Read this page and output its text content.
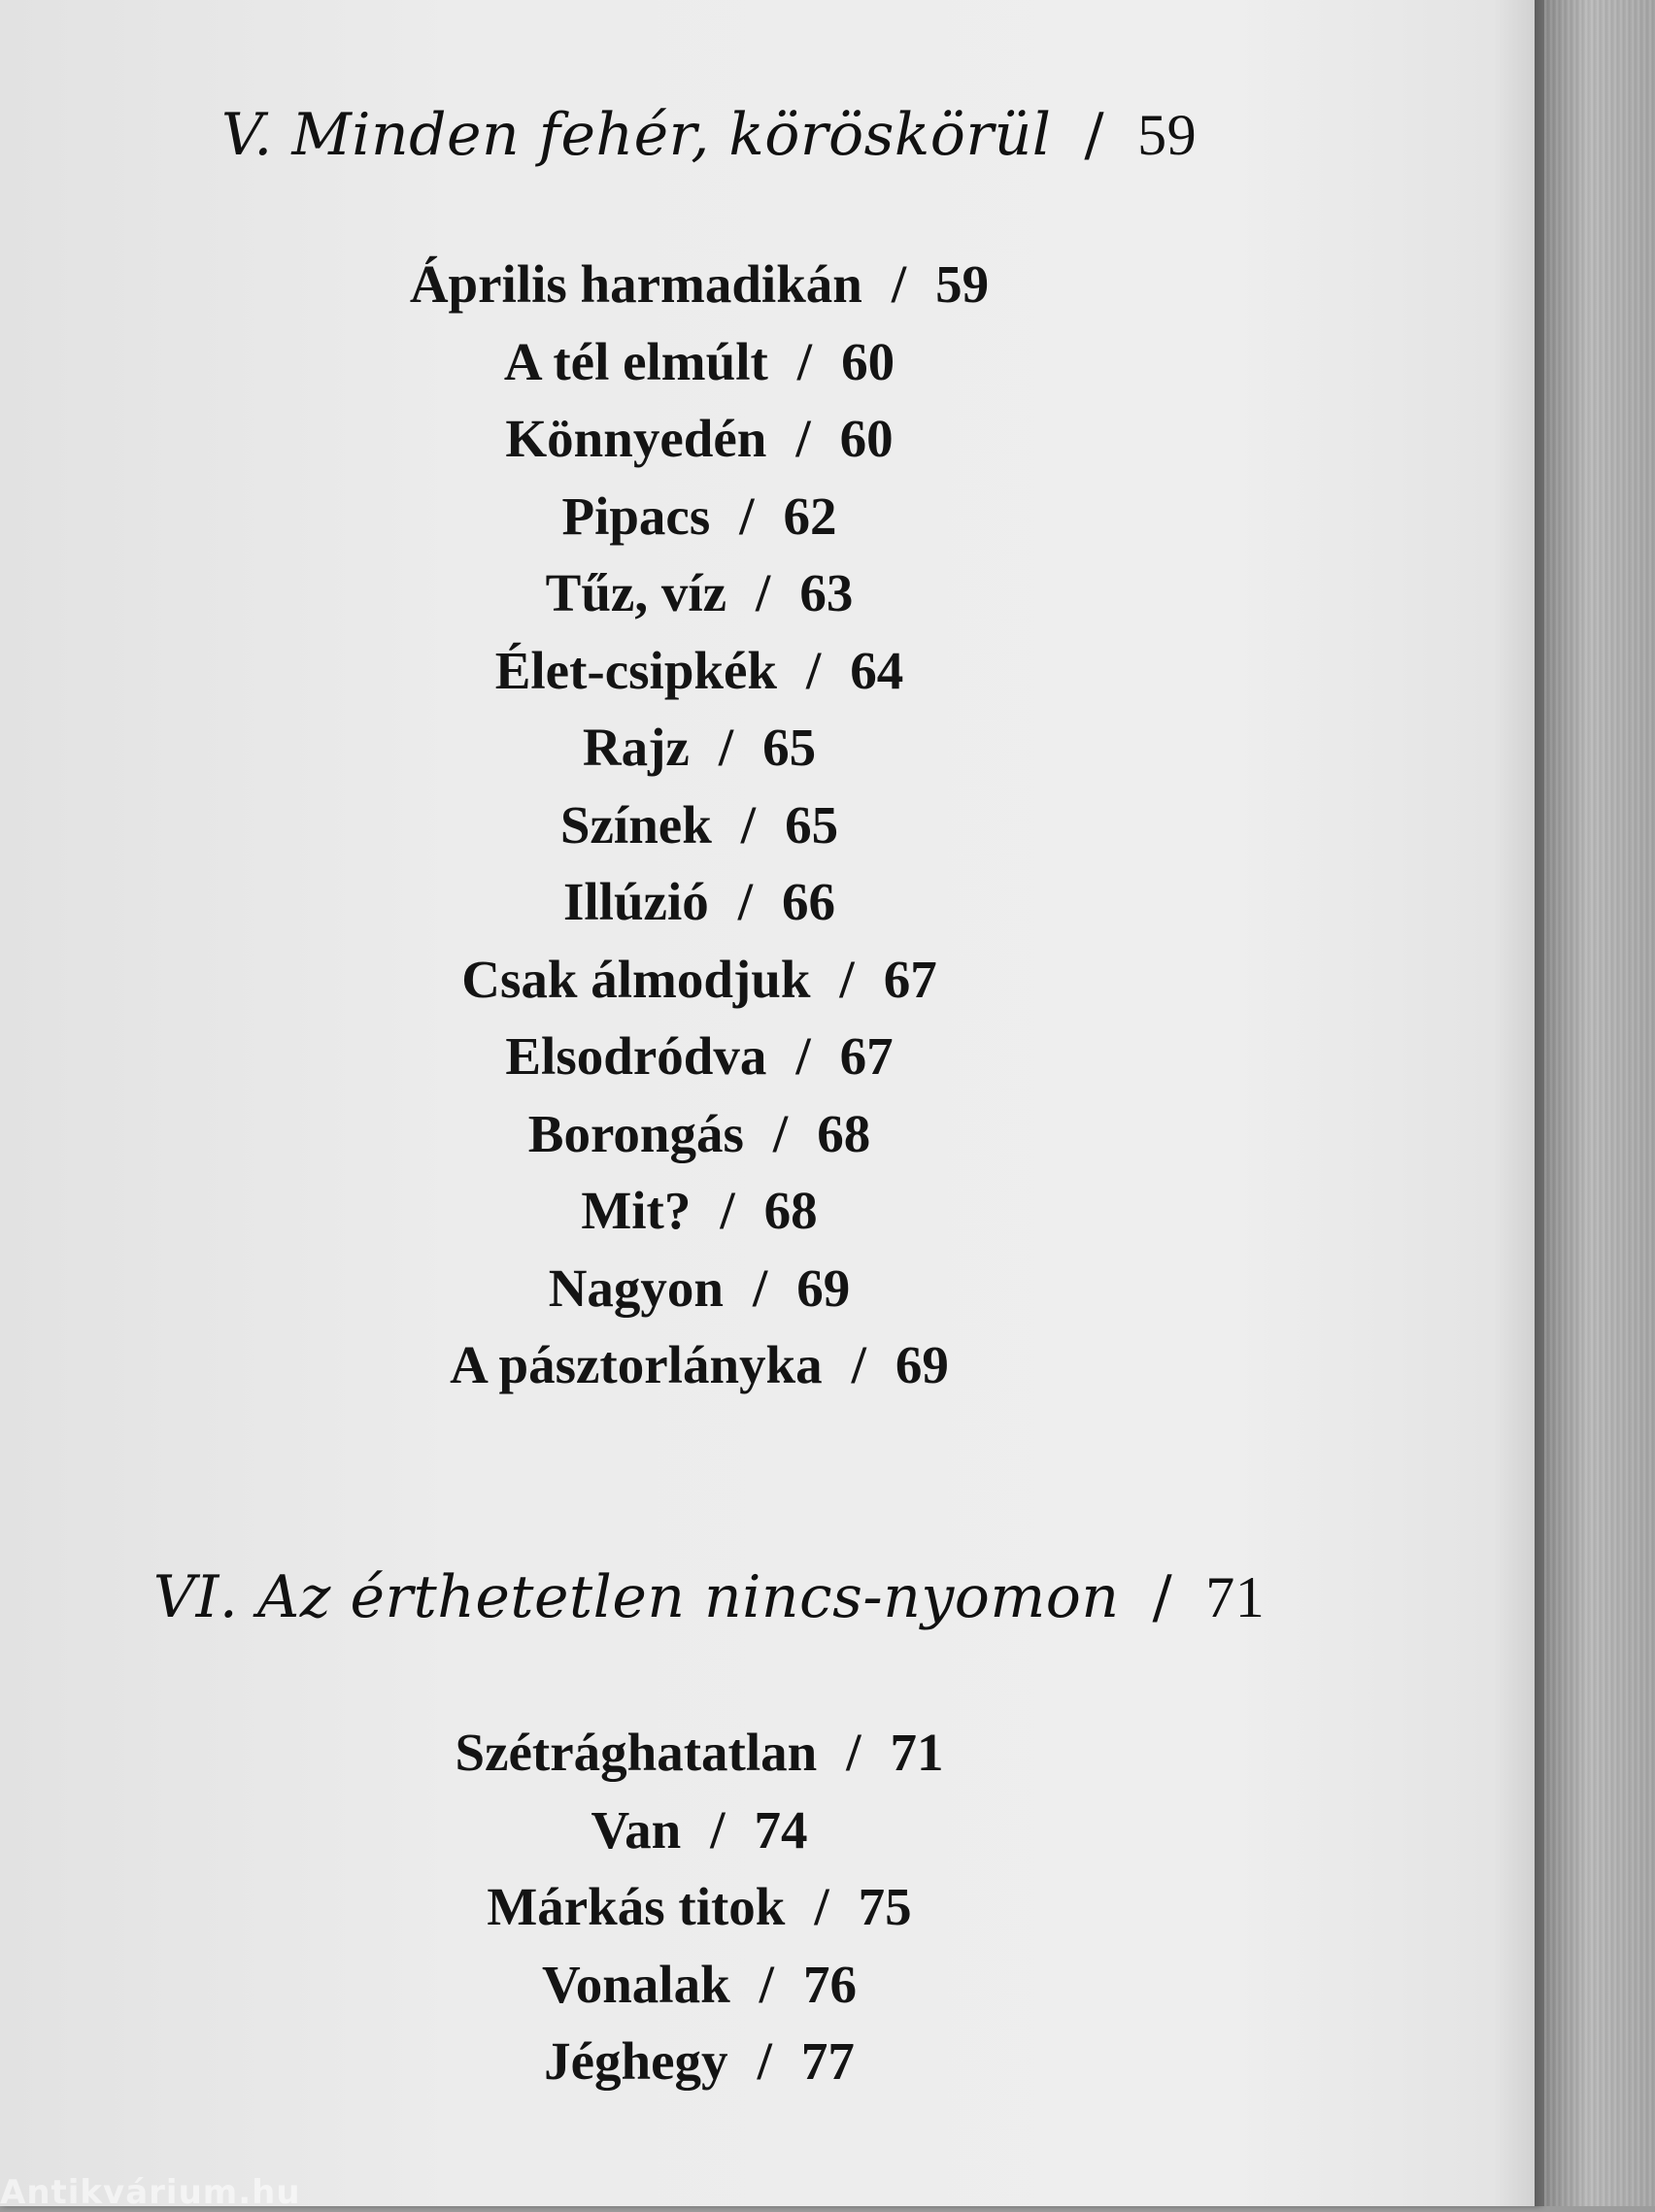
V. Minden fehér, köröskörül / 59
Április harmadikán / 59
A tél elmúlt / 60
Könnyedén / 60
Pipacs / 62
Tűz, víz / 63
Élet-csipkék / 64
Rajz / 65
Színek / 65
Illúzió / 66
Csak álmodjuk / 67
Elsodródva / 67
Borongás / 68
Mit? / 68
Nagyon / 69
A pásztorlányka / 69
VI. Az érthetetlen nincs-nyomon / 71
Szétrághatatlan / 71
Van / 74
Márkás titok / 75
Vonalak / 76
Jéghegy / 77
Antikvárium.hu
